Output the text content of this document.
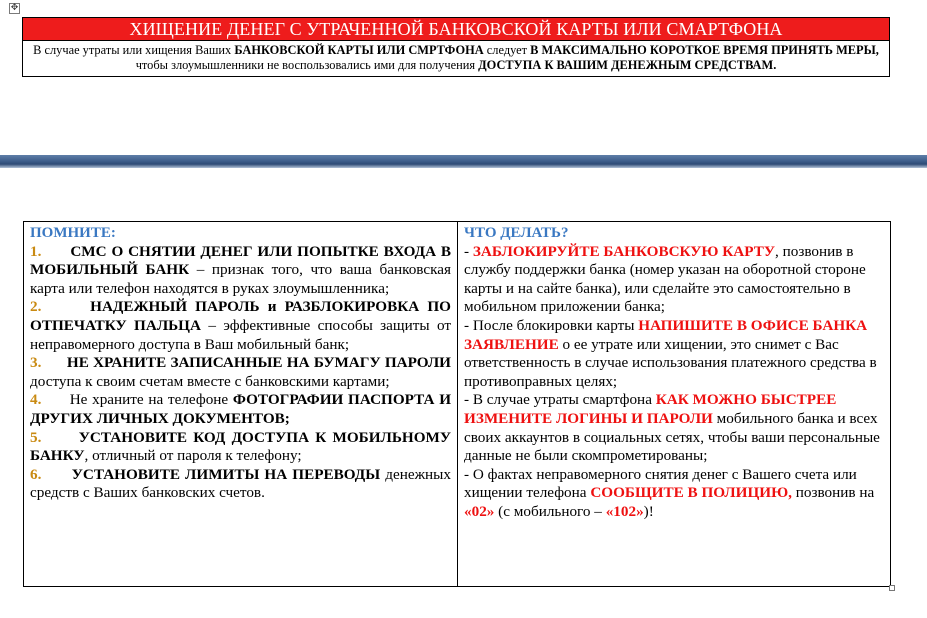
✥
ХИЩЕНИЕ ДЕНЕГ С УТРАЧЕННОЙ БАНКОВСКОЙ КАРТЫ ИЛИ СМАРТФОНА
В случае утраты или хищения Ваших БАНКОВСКОЙ КАРТЫ ИЛИ СМРТФОНА следует В МАКСИМАЛЬНО КОРОТКОЕ ВРЕМЯ ПРИНЯТЬ МЕРЫ, чтобы злоумышленники не воспользовались ими для получения ДОСТУПА К ВАШИМ ДЕНЕЖНЫМ СРЕДСТВАМ.
ПОМНИТЕ:

1. СМС О СНЯТИИ ДЕНЕГ ИЛИ ПОПЫТКЕ ВХОДА В МОБИЛЬНЫЙ БАНК – признак того, что ваша банковская карта или телефон находятся в руках злоумышленника;

2.	НАДЕЖНЫЙ ПАРОЛЬ и РАЗБЛОКИРОВКА ПО ОТПЕЧАТКУ ПАЛЬЦА – эффективные способы защиты от неправомерного доступа в Ваш мобильный банк;

3. НЕ ХРАНИТЕ ЗАПИСАННЫЕ НА БУМАГУ ПАРОЛИ доступа к своим счетам вместе с банковскими картами;

4. Не храните на телефоне ФОТОГРАФИИ ПАСПОРТА И ДРУГИХ ЛИЧНЫХ ДОКУМЕНТОВ;

5. УСТАНОВИТЕ КОД ДОСТУПА К МОБИЛЬНОМУ БАНКУ, отличный от пароля к телефону;

6. УСТАНОВИТЕ ЛИМИТЫ НА ПЕРЕВОДЫ денежных средств с Ваших банковских счетов.

ЧТО ДЕЛАТЬ?
- ЗАБЛОКИРУЙТЕ БАНКОВСКУЮ КАРТУ, позвонив в службу поддержки банка (номер указан на оборотной стороне карты и на сайте банка), или сделайте это самостоятельно в мобильном приложении банка;
- После блокировки карты НАПИШИТЕ В ОФИСЕ БАНКА ЗАЯВЛЕНИЕ о ее утрате или хищении, это снимет с Вас ответственность в случае использования платежного средства в противоправных целях;
- В случае утраты смартфона КАК МОЖНО БЫСТРЕЕ ИЗМЕНИТЕ ЛОГИНЫ И ПАРОЛИ мобильного банка и всех своих аккаунтов в социальных сетях, чтобы ваши персональные данные не были скомпрометированы;
- О фактах неправомерного снятия денег с Вашего счета или хищении телефона СООБЩИТЕ В ПОЛИЦИЮ, позвонив на «02» (с мобильного – «102»)!
